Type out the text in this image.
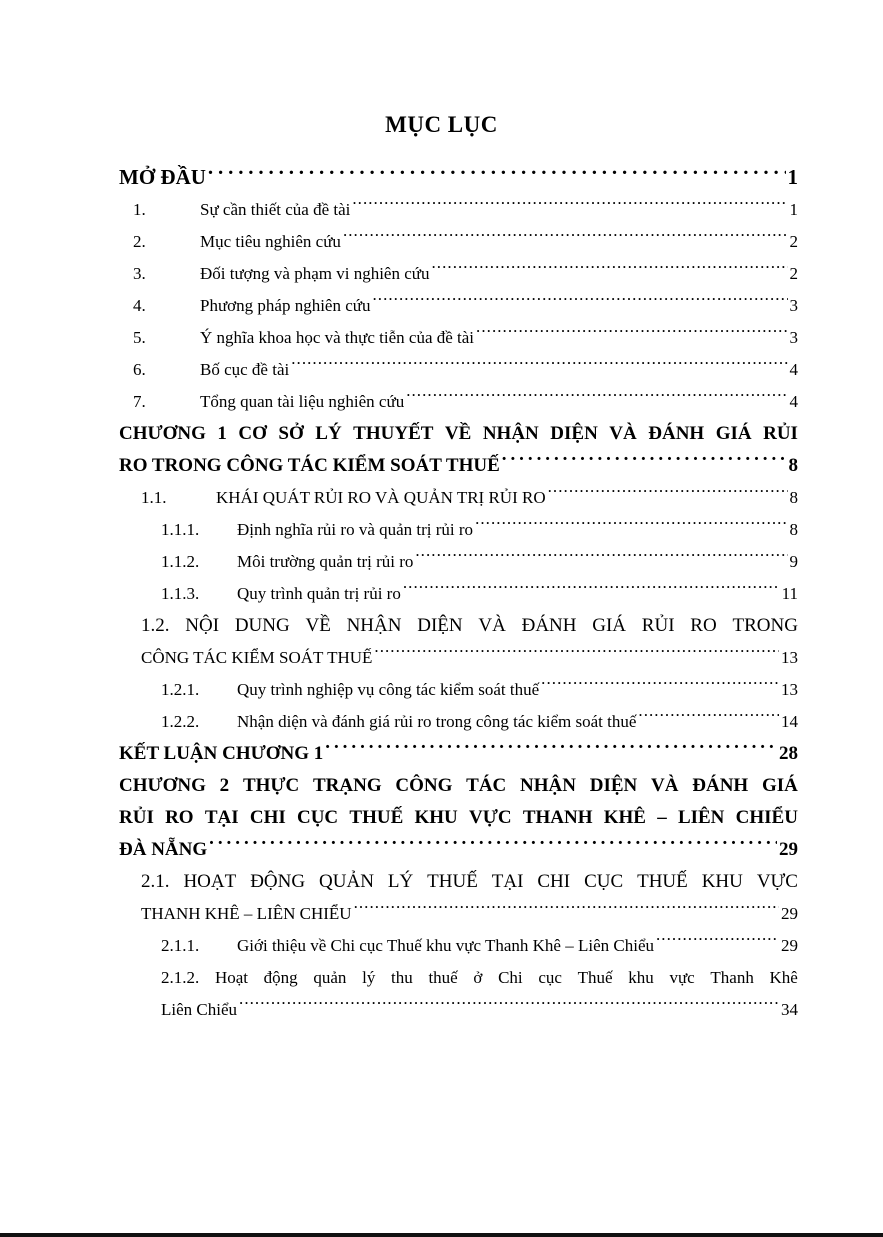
MỤC LỤC
MỞ ĐẦU . . .	1
1.	Sự cần thiết của đề tài . . .	1
2.	Mục tiêu nghiên cứu . . .	2
3.	Đối tượng và phạm vi nghiên cứu . . .	2
4.	Phương pháp nghiên cứu . . .	3
5.	Ý nghĩa khoa học và thực tiễn của đề tài . . .	3
6.	Bố cục đề tài . . .	4
7.	Tổng quan tài liệu nghiên cứu . . .	4
CHƯƠNG 1 CƠ SỞ LÝ THUYẾT VỀ NHẬN DIỆN VÀ ĐÁNH GIÁ RỦI
RO TRONG CÔNG TÁC KIỂM SOÁT THUẾ . . .	8
1.1.	KHÁI QUÁT RỦI RO VÀ QUẢN TRỊ RỦI RO . . .	8
1.1.1.	Định nghĩa rủi ro và quản trị rủi ro . . .	8
1.1.2.	Môi trường quản trị rủi ro . . .	9
1.1.3.	Quy trình quản trị rủi ro . . .	11
1.2. NỘI DUNG VỀ NHẬN DIỆN VÀ ĐÁNH GIÁ RỦI RO TRONG
CÔNG TÁC KIỂM SOÁT THUẾ . . .	13
1.2.1.	Quy trình nghiệp vụ công tác kiểm soát thuế . . .	13
1.2.2.	Nhận diện và đánh giá rủi ro trong công tác kiểm soát thuế . . .	14
KẾT LUẬN CHƯƠNG 1 . . .	28
CHƯƠNG 2 THỰC TRẠNG CÔNG TÁC NHẬN DIỆN VÀ ĐÁNH GIÁ
RỦI RO TẠI CHI CỤC THUẾ KHU VỰC THANH KHÊ – LIÊN CHIỂU
ĐÀ NẴNG . . .	29
2.1. HOẠT ĐỘNG QUẢN LÝ THUẾ TẠI CHI CỤC THUẾ KHU VỰC
THANH KHÊ – LIÊN CHIỂU . . .	29
2.1.1.	Giới thiệu về Chi cục Thuế khu vực Thanh Khê – Liên Chiểu . . .	29
2.1.2. Hoạt động quản lý thu thuế ở Chi cục Thuế khu vực Thanh Khê
Liên Chiểu . . .	34
